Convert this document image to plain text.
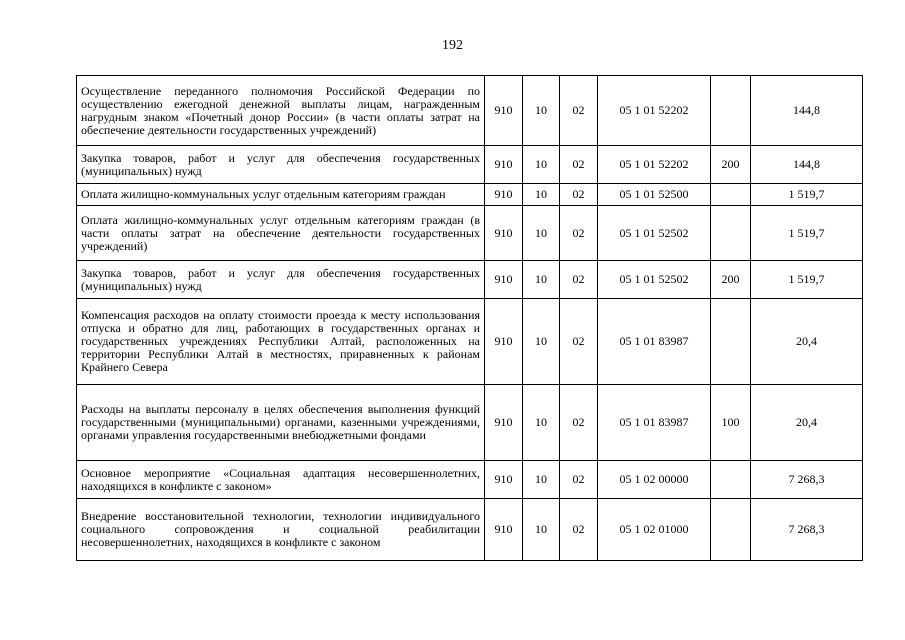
192
Осуществление переданного полномочия Российской Федерации по осуществлению ежегодной денежной выплаты лицам, награжденным нагрудным знаком «Почетный донор России» (в части оплаты затрат на обеспечение деятельности государственных учреждений)	910	10	02	05 1 01 52202		144,8
Закупка товаров, работ и услуг для обеспечения государственных (муниципальных) нужд	910	10	02	05 1 01 52202	200	144,8
Оплата жилищно-коммунальных услуг отдельным категориям граждан	910	10	02	05 1 01 52500		1 519,7
Оплата жилищно-коммунальных услуг отдельным категориям граждан (в части оплаты затрат на обеспечение деятельности государственных учреждений)	910	10	02	05 1 01 52502		1 519,7
Закупка товаров, работ и услуг для обеспечения государственных (муниципальных) нужд	910	10	02	05 1 01 52502	200	1 519,7
Компенсация расходов на оплату стоимости проезда к месту использования отпуска и обратно для лиц, работающих в государственных органах и государственных учреждениях Республики Алтай, расположенных на территории Республики Алтай в местностях, приравненных к районам Крайнего Севера	910	10	02	05 1 01 83987		20,4
Расходы на выплаты персоналу в целях обеспечения выполнения функций государственными (муниципальными) органами, казенными учреждениями, органами управления государственными внебюджетными фондами	910	10	02	05 1 01 83987	100	20,4
Основное мероприятие «Социальная адаптация несовершеннолетних, находящихся в конфликте с законом»	910	10	02	05 1 02 00000		7 268,3
Внедрение восстановительной технологии, технологии индивидуального социального сопровождения и социальной реабилитации несовершеннолетних, находящихся в конфликте с законом	910	10	02	05 1 02 01000		7 268,3
